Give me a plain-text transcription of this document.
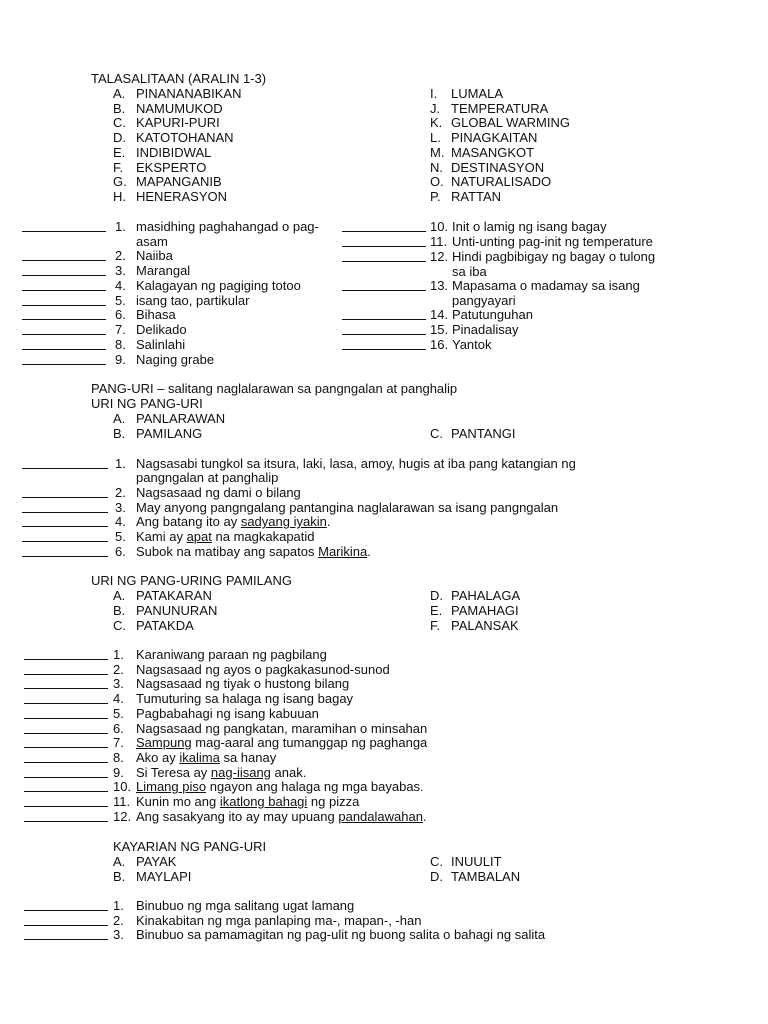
TALASALITAAN (ARALIN 1-3)
A. PINANANABIKAN
B. NAMUMUKOD
C. KAPURI-PURI
D. KATOTOHANAN
E. INDIBIDWAL
F. EKSPERTO
G. MAPANGANIB
H. HENERASYON
I. LUMALA
J. TEMPERATURA
K. GLOBAL WARMING
L. PINAGKAITAN
M. MASANGKOT
N. DESTINASYON
O. NATURALISADO
P. RATTAN
1. masidhing paghahangad o pag-
asam
2. Naiiba
3. Marangal
4. Kalagayan ng pagiging totoo
5. isang tao, partikular
6. Bihasa
7. Delikado
8. Salinlahi
9. Naging grabe
10. Init o lamig ng isang bagay
11. Unti-unting pag-init ng temperature
12. Hindi pagbibigay ng bagay o tulong
sa iba
13. Mapasama o madamay sa isang
pangyayari
14. Patutunguhan
15. Pinadalisay
16. Yantok
PANG-URI – salitang naglalarawan sa pangngalan at panghalip
URI NG PANG-URI
A. PANLARAWAN
B. PAMILANG	C. PANTANGI
1. Nagsasabi tungkol sa itsura, laki, lasa, amoy, hugis at iba pang katangian ng
pangngalan at panghalip
2. Nagsasaad ng dami o bilang
3. May anyong pangngalang pantangina naglalarawan sa isang pangngalan
4. Ang batang ito ay sadyang iyakin.
5. Kami ay apat na magkakapatid
6. Subok na matibay ang sapatos Marikina.
URI NG PANG-URING PAMILANG
A. PATAKARAN
B. PANUNURAN
C. PATAKDA
D. PAHALAGA
E. PAMAHAGI
F. PALANSAK
1. Karaniwang paraan ng pagbilang
2. Nagsasaad ng ayos o pagkakasunod-sunod
3. Nagsasaad ng tiyak o hustong bilang
4. Tumuturing sa halaga ng isang bagay
5. Pagbabahagi ng isang kabuuan
6. Nagsasaad ng pangkatan, maramihan o minsahan
7. Sampung mag-aaral ang tumanggap ng paghanga
8. Ako ay ikalima sa hanay
9. Si Teresa ay nag-iisang anak.
10. Limang piso ngayon ang halaga ng mga bayabas.
11. Kunin mo ang ikatlong bahagi ng pizza
12. Ang sasakyang ito ay may upuang pandalawahan.
KAYARIAN NG PANG-URI
A. PAYAK
B. MAYLAPI
C. INUULIT
D. TAMBALAN
1. Binubuo ng mga salitang ugat lamang
2. Kinakabitan ng mga panlaping ma-, mapan-, -han
3. Binubuo sa pamamagitan ng pag-ulit ng buong salita o bahagi ng salita
